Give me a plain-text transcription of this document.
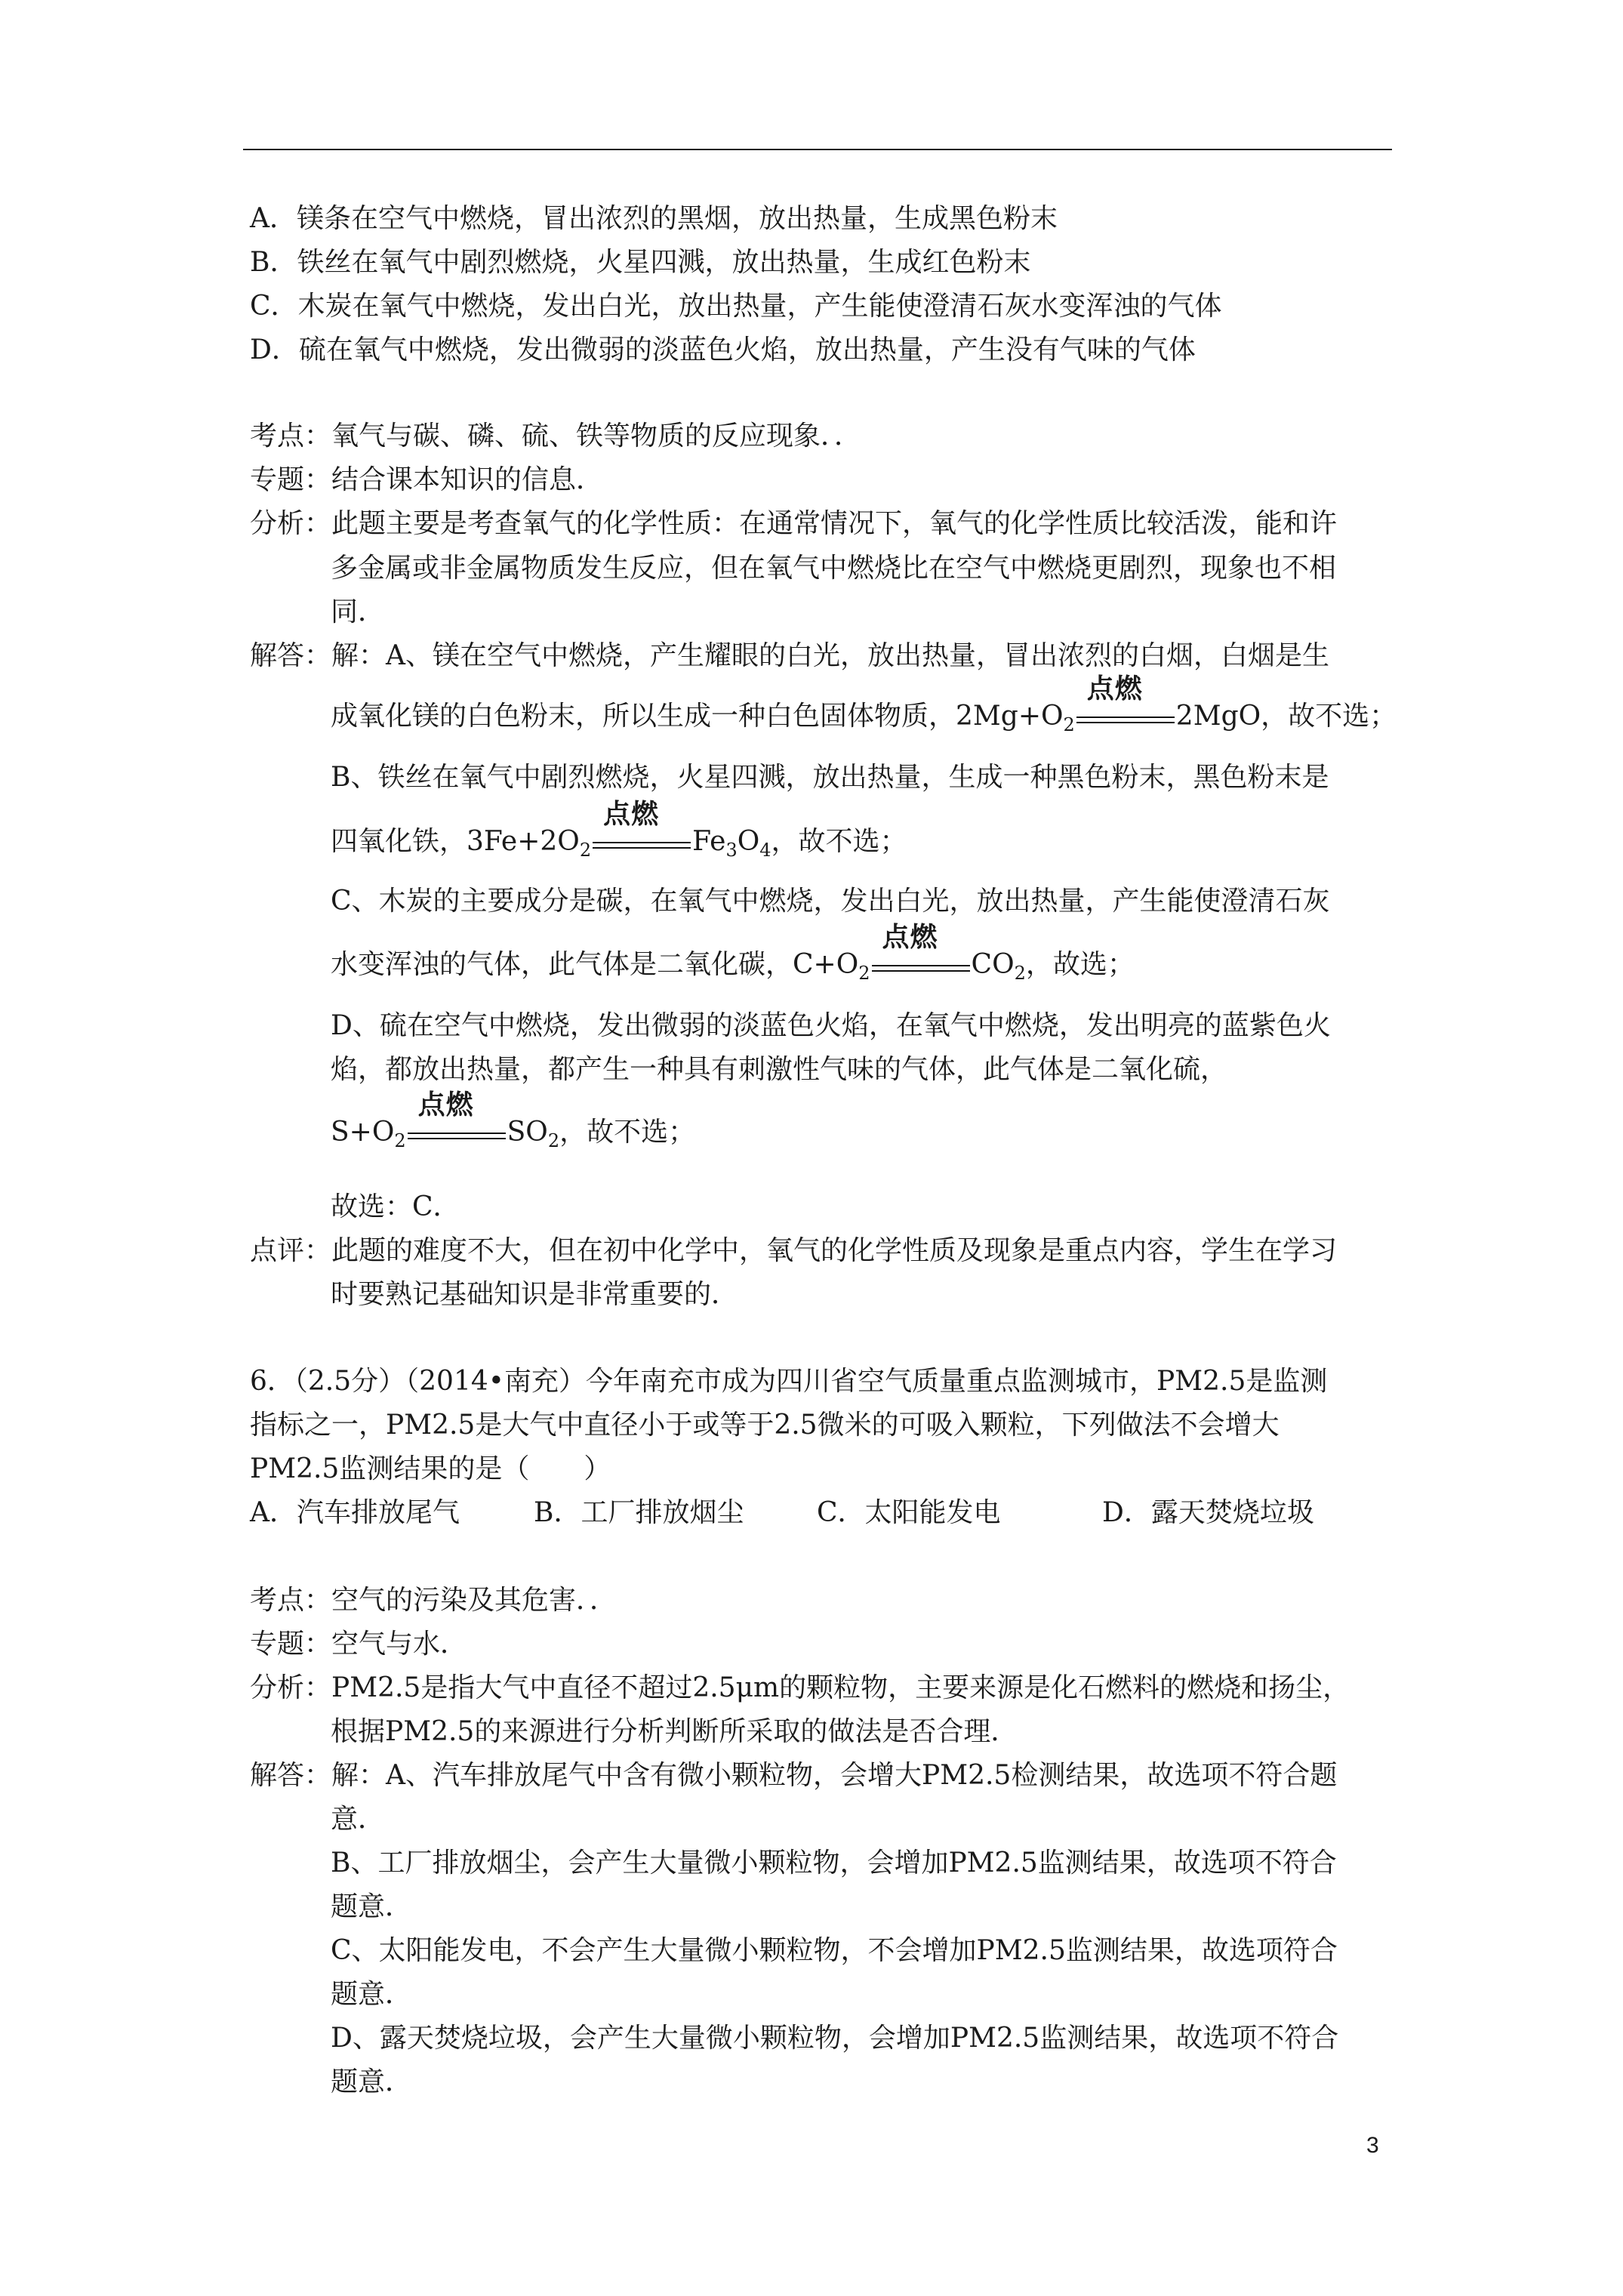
A．镁条在空气中燃烧，冒出浓烈的黑烟，放出热量，生成黑色粉末
B．铁丝在氧气中剧烈燃烧，火星四溅，放出热量，生成红色粉末
C．木炭在氧气中燃烧，发出白光，放出热量，产生能使澄清石灰水变浑浊的气体
D．硫在氧气中燃烧，发出微弱的淡蓝色火焰，放出热量，产生没有气味的气体
考点：氧气与碳、磷、硫、铁等物质的反应现象．．
专题：结合课本知识的信息．
分析：此题主要是考查氧气的化学性质：在通常情况下，氧气的化学性质比较活泼，能和许
多金属或非金属物质发生反应，但在氧气中燃烧比在空气中燃烧更剧烈，现象也不相
同．
解答：解：A、镁在空气中燃烧，产生耀眼的白光，放出热量，冒出浓烈的白烟，白烟是生
成氧化镁的白色粉末，所以生成一种白色固体物质，$2Mg+O_2$
点燃
2MgO，故不选；
B、铁丝在氧气中剧烈燃烧，火星四溅，放出热量，生成一种黑色粉末，黑色粉末是
四氧化铁，$3Fe+2O_2$
点燃
$Fe_3O_4$，故不选；
C、木炭的主要成分是碳，在氧气中燃烧，发出白光，放出热量，产生能使澄清石灰
水变浑浊的气体，此气体是二氧化碳，$C+O_2$
点燃
$CO_2$，故选；
D、硫在空气中燃烧，发出微弱的淡蓝色火焰，在氧气中燃烧，发出明亮的蓝紫色火
焰，都放出热量，都产生一种具有刺激性气味的气体，此气体是二氧化硫，
$S+O_2$
点燃
$SO_2$，故不选；
故选：C．
点评：此题的难度不大，但在初中化学中，氧气的化学性质及现象是重点内容，学生在学习
时要熟记基础知识是非常重要的．
6．（2.5分）（2014•南充）今年南充市成为四川省空气质量重点监测城市，PM2.5是监测
指标之一，PM2.5是大气中直径小于或等于2.5微米的可吸入颗粒，下列做法不会增大
PM2.5监测结果的是（　　）
A．汽车排放尾气	B．工厂排放烟尘	C．太阳能发电	D．露天焚烧垃圾
考点：空气的污染及其危害．．
专题：空气与水．
分析：PM2.5是指大气中直径不超过2.5μm的颗粒物，主要来源是化石燃料的燃烧和扬尘，
根据PM2.5的来源进行分析判断所采取的做法是否合理．
解答：解：A、汽车排放尾气中含有微小颗粒物，会增大PM2.5检测结果，故选项不符合题
意．
B、工厂排放烟尘，会产生大量微小颗粒物，会增加PM2.5监测结果，故选项不符合
题意．
C、太阳能发电，不会产生大量微小颗粒物，不会增加PM2.5监测结果，故选项符合
题意．
D、露天焚烧垃圾，会产生大量微小颗粒物，会增加PM2.5监测结果，故选项不符合
题意．
3
